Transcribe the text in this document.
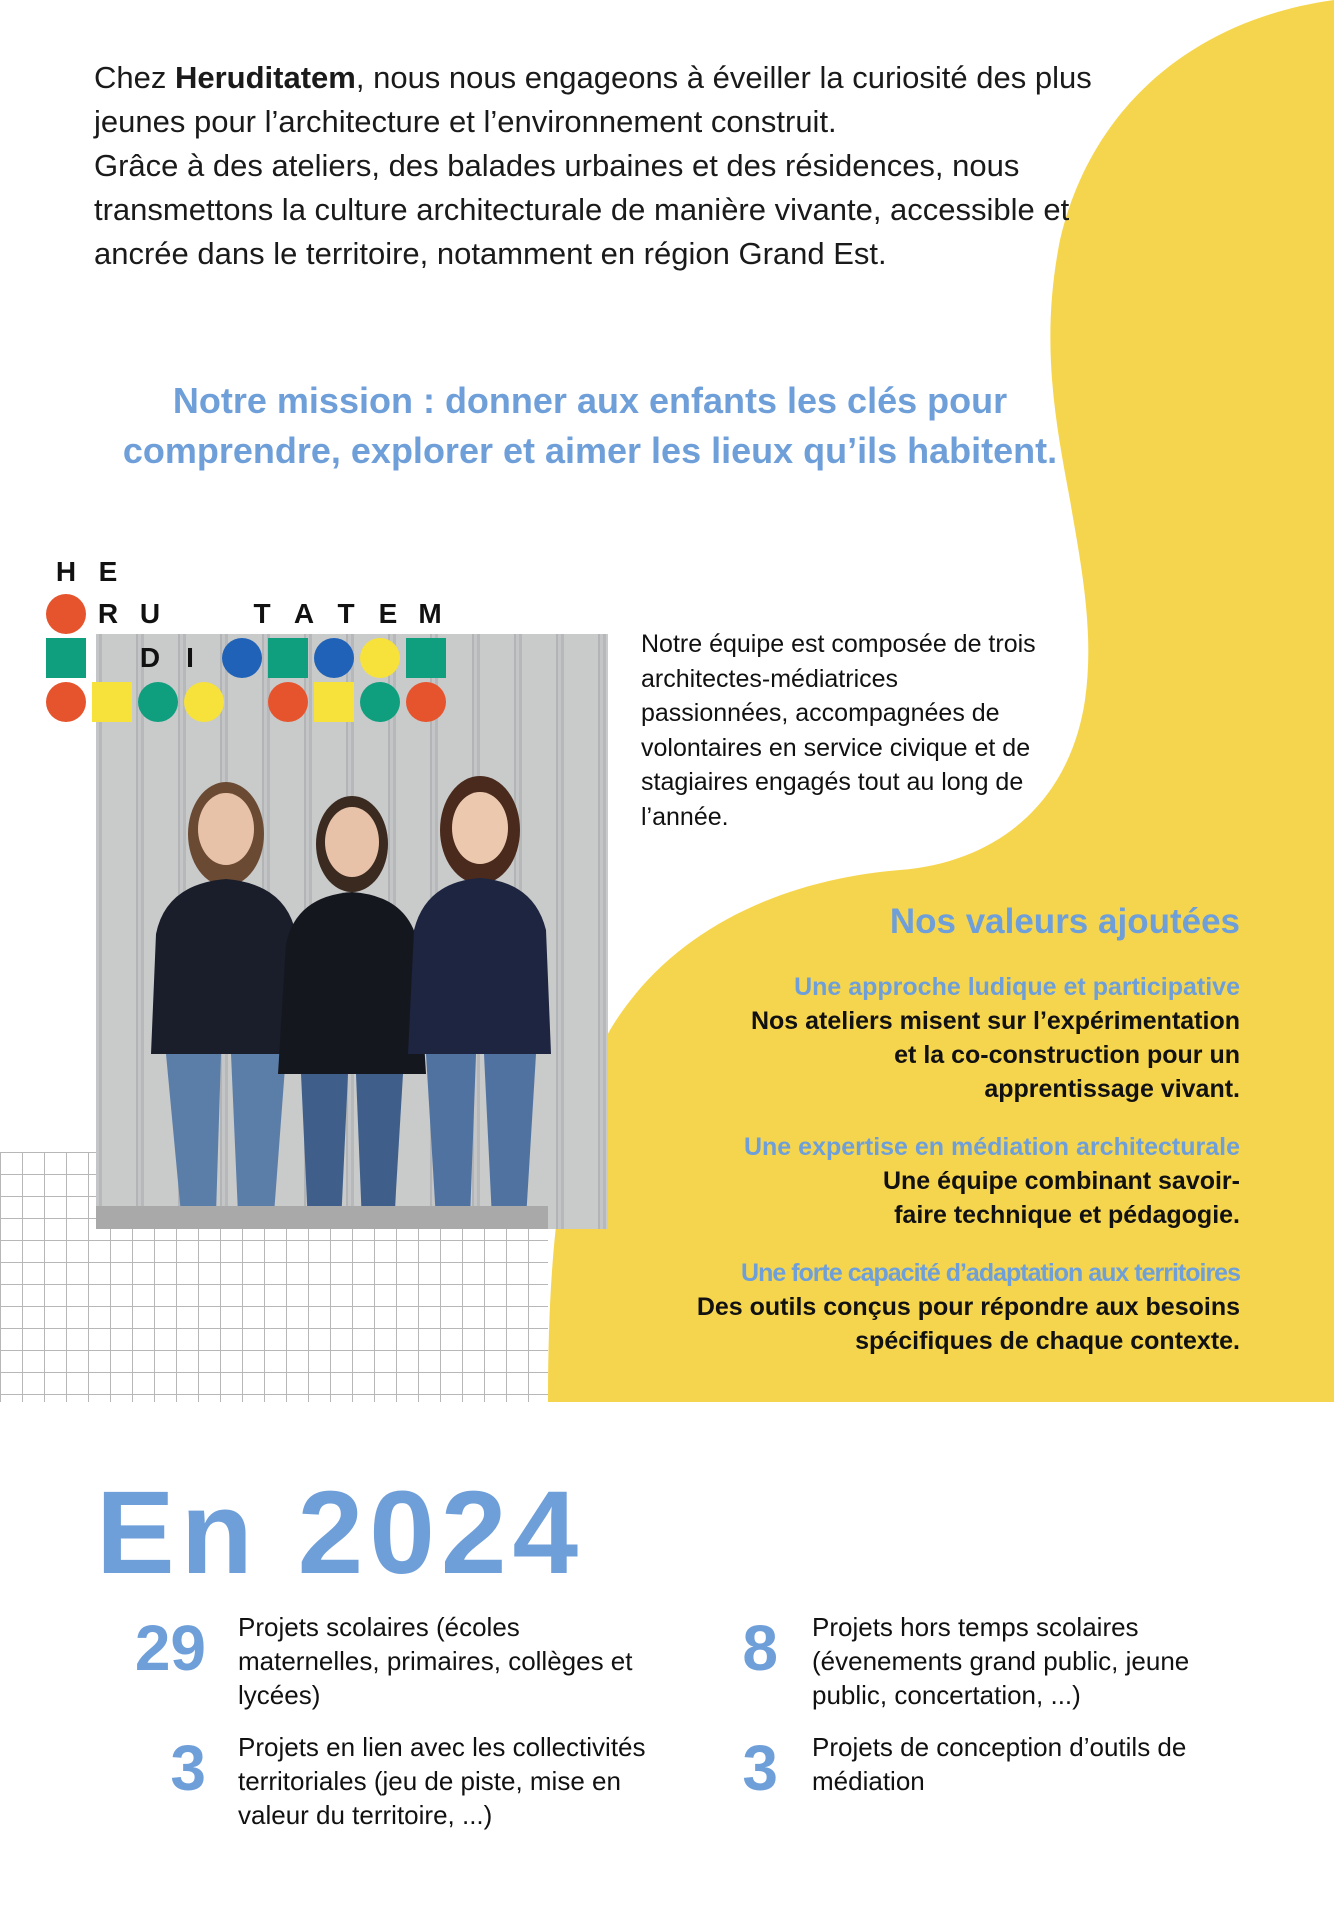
Chez Heruditatem, nous nous engageons à éveiller la curiosité des plus jeunes pour l’architecture et l’environnement construit.

Grâce à des ateliers, des balades urbaines et des résidences, nous transmettons la culture architecturale de manière vivante, accessible et ancrée dans le territoire, notamment en région Grand Est.

Notre mission : donner aux enfants les clés pour comprendre, explorer et aimer les lieux qu’ils habitent.
H E
R U	T A T E M
D I	Notre équipe est composée de trois architectes-médiatrices passionnées, accompagnées de volontaires en service civique et de stagiaires engagés tout au long de l’année.
Nos valeurs ajoutées
Une approche ludique et participative
Nos ateliers misent sur l’expérimentation et la co-construction pour un apprentissage vivant.
Une expertise en médiation architecturale
Une équipe combinant savoir-faire technique et pédagogie.
Une forte capacité d’adaptation aux territoires
Des outils conçus pour répondre aux besoins spécifiques de chaque contexte.
En 2024
29 Projets scolaires (écoles maternelles, primaires, collèges et lycées)
8 Projets hors temps scolaires (évenements grand public, jeune public, concertation, ...)
3 Projets en lien avec les collectivités territoriales (jeu de piste, mise en valeur du territoire, ...)
3 Projets de conception d’outils de médiation
